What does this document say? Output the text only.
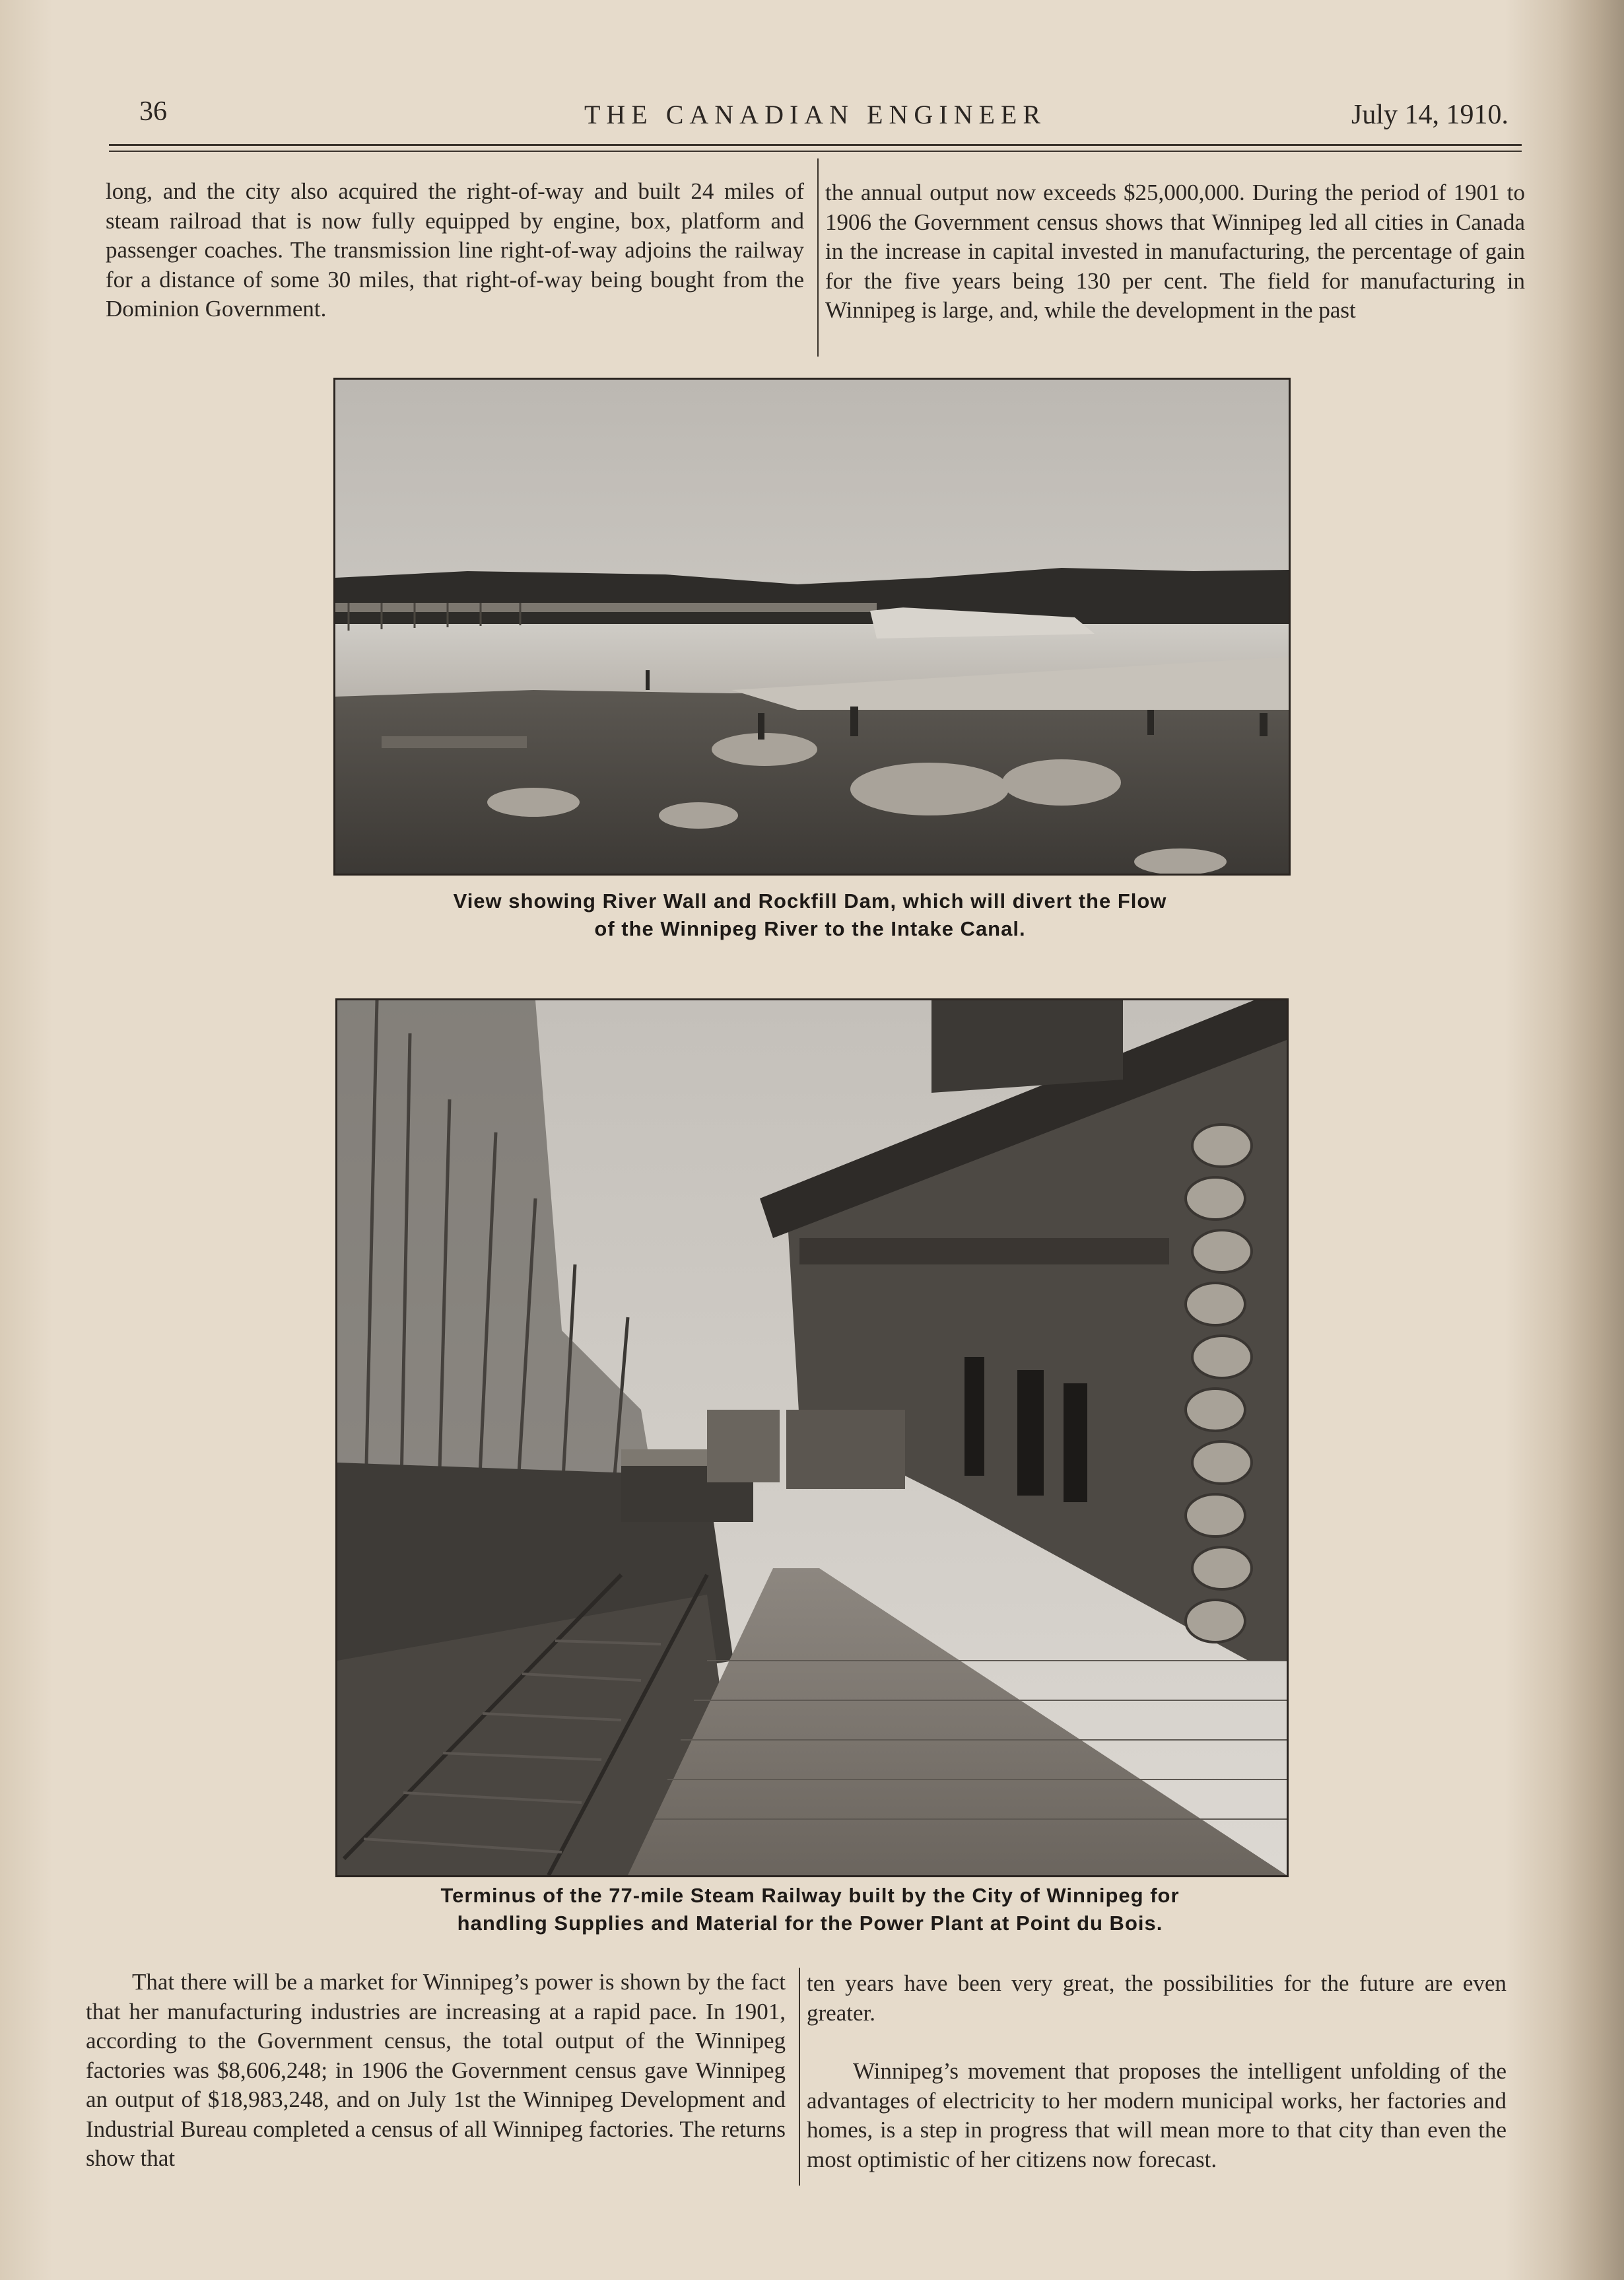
36	THE CANADIAN ENGINEER	July 14, 1910.

long, and the city also acquired the right-of-way and built 24 miles of steam railroad that is now fully equipped by engine, box, platform and passenger coaches. The transmission line right-of-way adjoins the railway for a distance of some 30 miles, that right-of-way being bought from the Dominion Government.

the annual output now exceeds $25,000,000. During the period of 1901 to 1906 the Government census shows that Winnipeg led all cities in Canada in the increase in capital invested in manufacturing, the percentage of gain for the five years being 130 per cent. The field for manufacturing in Winnipeg is large, and, while the development in the past

View showing River Wall and Rockfill Dam, which will divert the Flow
of the Winnipeg River to the Intake Canal.
Terminus of the 77-mile Steam Railway built by the City of Winnipeg for
handling Supplies and Material for the Power Plant at Point du Bois.

That there will be a market for Winnipeg’s power is shown by the fact that her manufacturing industries are increasing at a rapid pace. In 1901, according to the Government census, the total output of the Winnipeg factories was $8,606,248; in 1906 the Government census gave Winnipeg an output of $18,983,248, and on July 1st the Winnipeg Development and Industrial Bureau completed a census of all Winnipeg factories. The returns show that

ten years have been very great, the possibilities for the future are even greater.

Winnipeg’s movement that proposes the intelligent unfolding of the advantages of electricity to her modern municipal works, her factories and homes, is a step in progress that will mean more to that city than even the most optimistic of her citizens now forecast.
